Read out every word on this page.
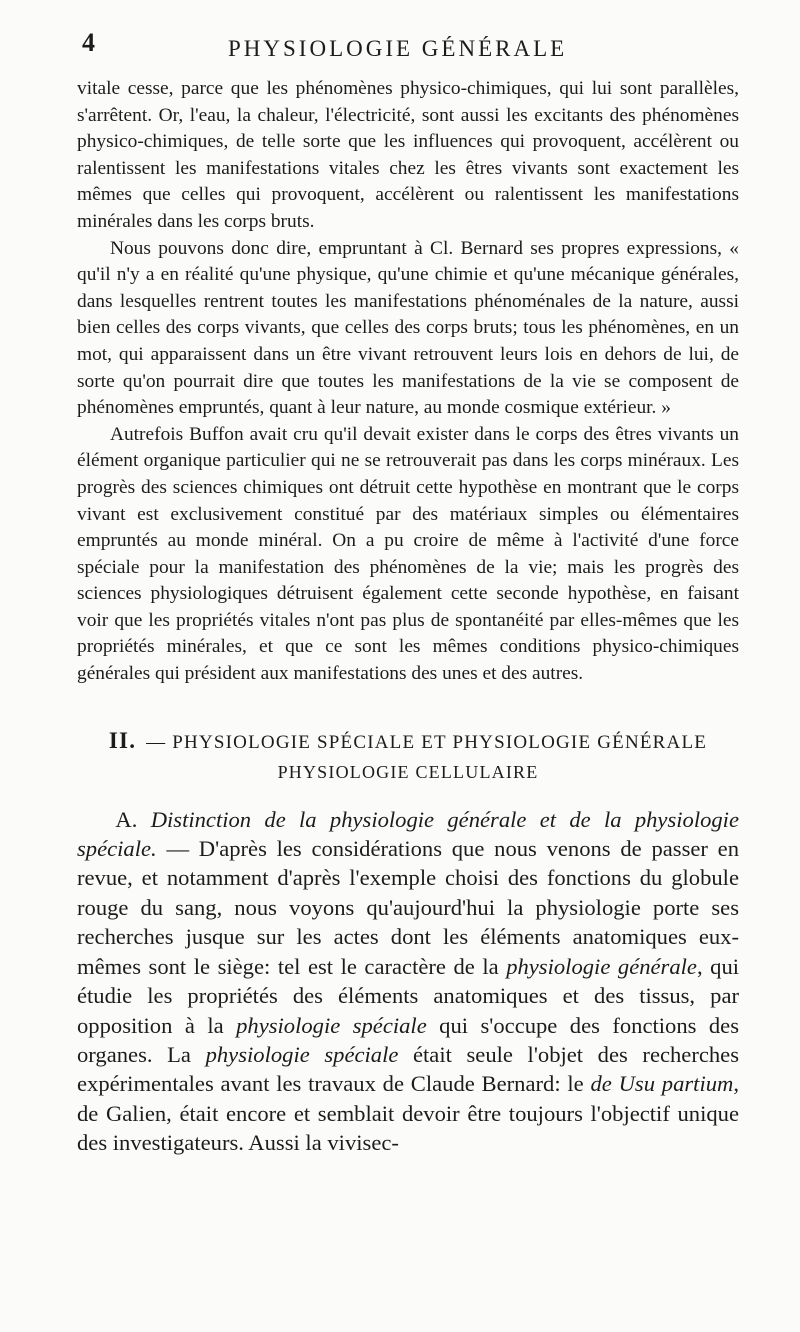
4	PHYSIOLOGIE GÉNÉRALE

vitale cesse, parce que les phénomènes physico-chimiques, qui lui sont parallèles, s'arrêtent. Or, l'eau, la chaleur, l'électricité, sont aussi les excitants des phénomènes physico-chimiques, de telle sorte que les influences qui provoquent, accélèrent ou ralentissent les manifestations vitales chez les êtres vivants sont exactement les mêmes que celles qui provoquent, accélèrent ou ralentissent les manifestations minérales dans les corps bruts.

Nous pouvons donc dire, empruntant à Cl. Bernard ses propres expressions, « qu'il n'y a en réalité qu'une physique, qu'une chimie et qu'une mécanique générales, dans lesquelles rentrent toutes les manifestations phénoménales de la nature, aussi bien celles des corps vivants, que celles des corps bruts; tous les phénomènes, en un mot, qui apparaissent dans un être vivant retrouvent leurs lois en dehors de lui, de sorte qu'on pourrait dire que toutes les manifestations de la vie se composent de phénomènes empruntés, quant à leur nature, au monde cosmique extérieur. »

Autrefois Buffon avait cru qu'il devait exister dans le corps des êtres vivants un élément organique particulier qui ne se retrouverait pas dans les corps minéraux. Les progrès des sciences chimiques ont détruit cette hypothèse en montrant que le corps vivant est exclusivement constitué par des matériaux simples ou élémentaires empruntés au monde minéral. On a pu croire de même à l'activité d'une force spéciale pour la manifestation des phénomènes de la vie; mais les progrès des sciences physiologiques détruisent également cette seconde hypothèse, en faisant voir que les propriétés vitales n'ont pas plus de spontanéité par elles-mêmes que les propriétés minérales, et que ce sont les mêmes conditions physico-chimiques générales qui président aux manifestations des unes et des autres.

II. — PHYSIOLOGIE SPÉCIALE ET PHYSIOLOGIE GÉNÉRALE
PHYSIOLOGIE CELLULAIRE

A. Distinction de la physiologie générale et de la physiologie spéciale. — D'après les considérations que nous venons de passer en revue, et notamment d'après l'exemple choisi des fonctions du globule rouge du sang, nous voyons qu'aujourd'hui la physiologie porte ses recherches jusque sur les actes dont les éléments anatomiques eux-mêmes sont le siège: tel est le caractère de la physiologie générale, qui étudie les propriétés des éléments anatomiques et des tissus, par opposition à la physiologie spéciale qui s'occupe des fonctions des organes. La physiologie spéciale était seule l'objet des recherches expérimentales avant les travaux de Claude Bernard: le de Usu partium, de Galien, était encore et semblait devoir être toujours l'objectif unique des investigateurs. Aussi la vivisec-
